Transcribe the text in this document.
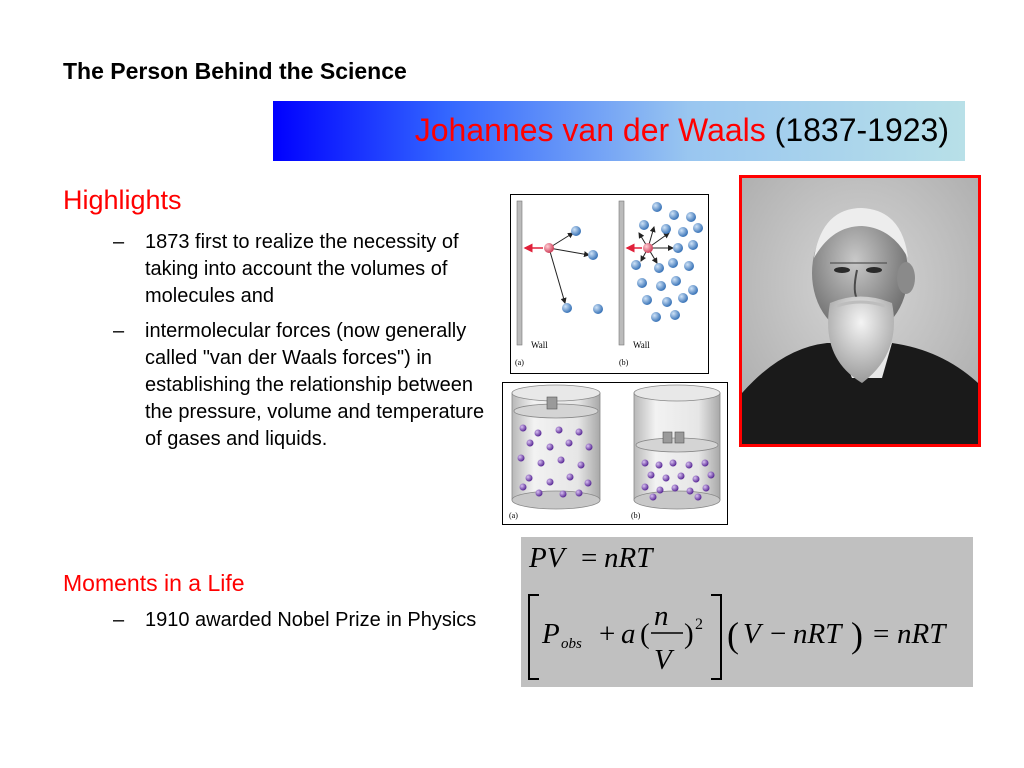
The Person Behind the Science
Johannes van der Waals (1837-1923)
Highlights
– 1873 first to realize the necessity of taking into account the volumes of molecules and
– intermolecular forces (now generally called "van der Waals forces") in establishing the relationship between the pressure, volume and temperature of gases and liquids.
Moments in a Life
– 1910 awarded Nobel Prize in Physics
Wall
(a)
Wall
(b)
(a)	(b)
PV = nRT
P obs + a (
n
V
) 2 ( V − nRT ) = nRT
